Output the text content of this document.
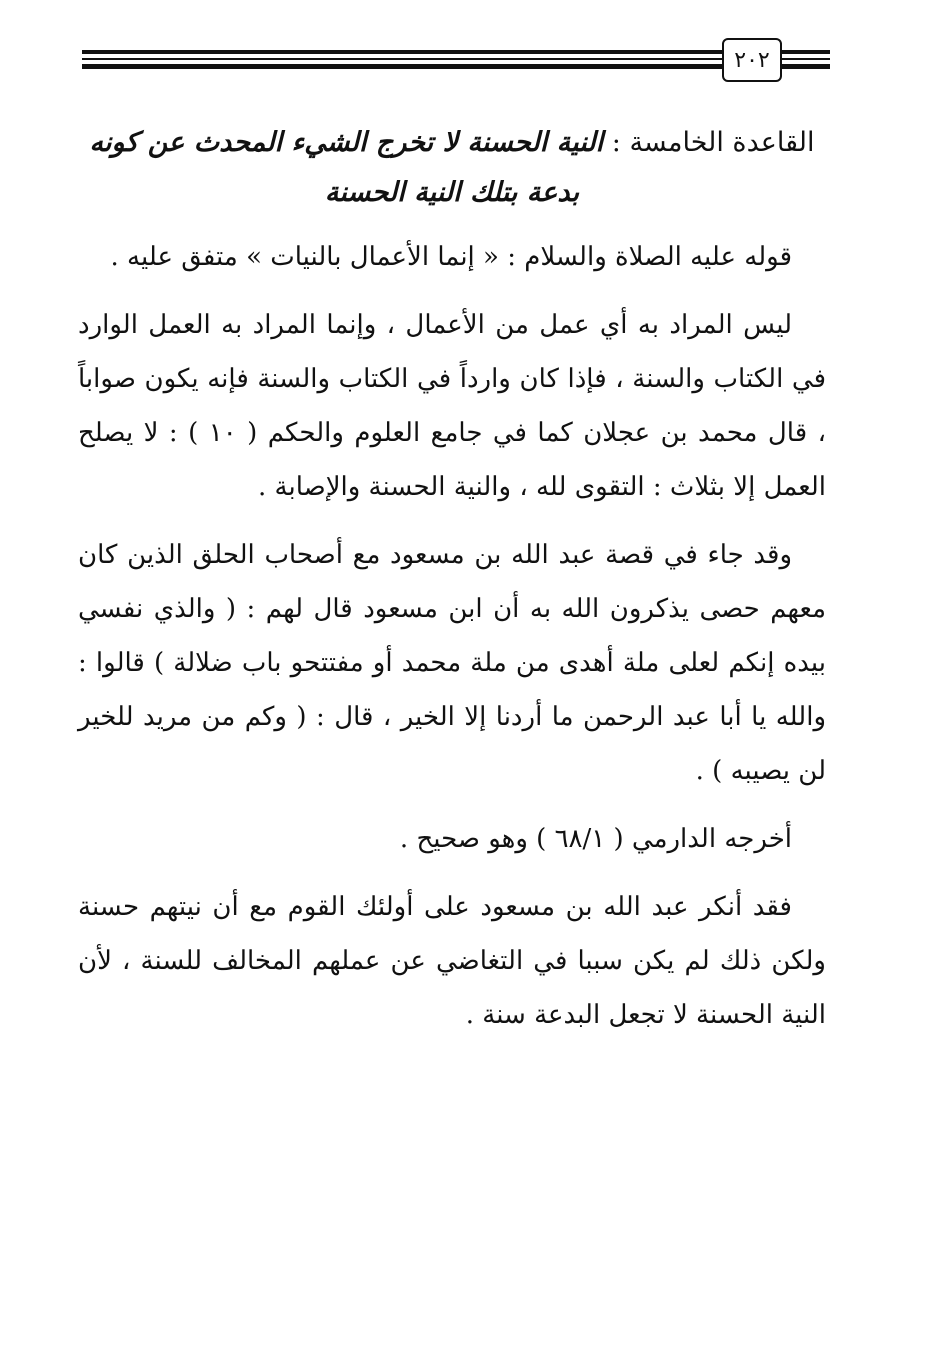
٢٠٢

القاعدة الخامسة : النية الحسنة لا تخرج الشيء المحدث عن كونه بدعة بتلك النية الحسنة

قوله عليه الصلاة والسلام : « إنما الأعمال بالنيات » متفق عليه .

ليس المراد به أي عمل من الأعمال ، وإنما المراد به العمل الوارد في الكتاب والسنة ، فإذا كان وارداً في الكتاب والسنة فإنه يكون صواباً ، قال محمد بن عجلان كما في جامع العلوم والحكم ( ١٠ ) : لا يصلح العمل إلا بثلاث : التقوى لله ، والنية الحسنة والإصابة .

وقد جاء في قصة عبد الله بن مسعود مع أصحاب الحلق الذين كان معهم حصى يذكرون الله به أن ابن مسعود قال لهم : ( والذي نفسي بيده إنكم لعلى ملة أهدى من ملة محمد أو مفتتحو باب ضلالة ) قالوا : والله يا أبا عبد الرحمن ما أردنا إلا الخير ، قال : ( وكم من مريد للخير لن يصيبه ) .

أخرجه الدارمي ( ٦٨/١ ) وهو صحيح .

فقد أنكر عبد الله بن مسعود على أولئك القوم مع أن نيتهم حسنة ولكن ذلك لم يكن سببا في التغاضي عن عملهم المخالف للسنة ، لأن النية الحسنة لا تجعل البدعة سنة .
